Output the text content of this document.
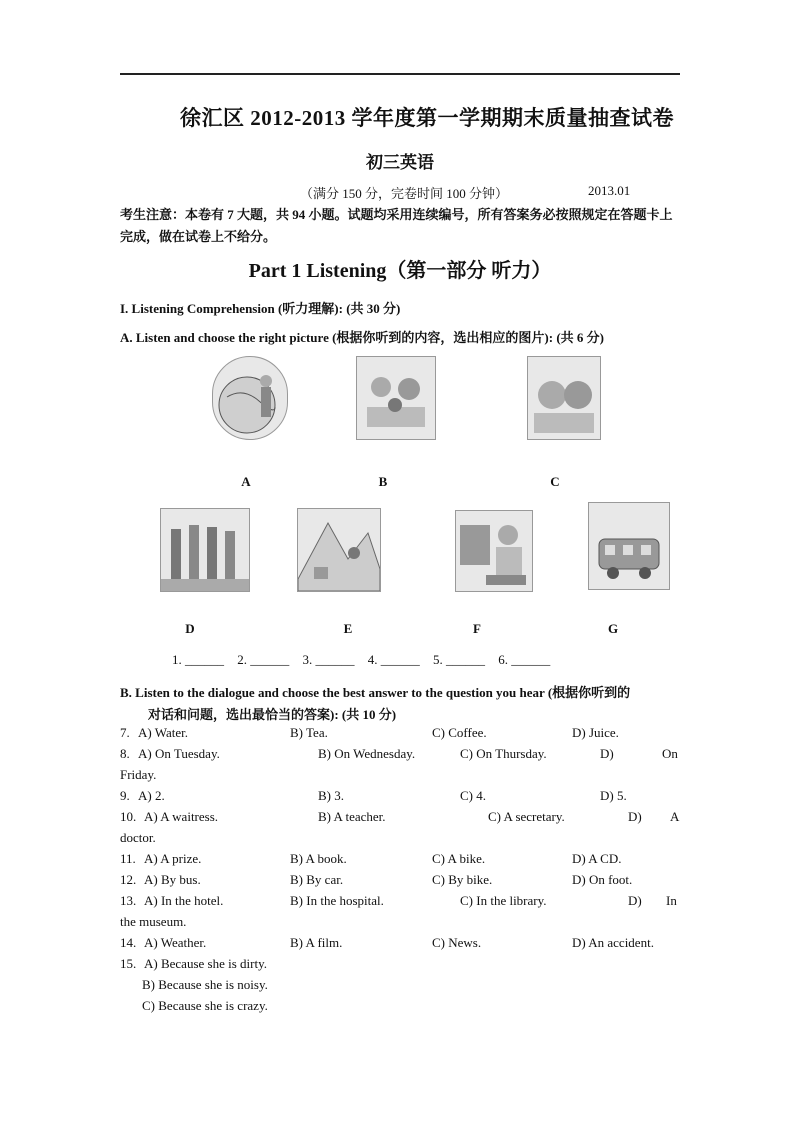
徐汇区 2012-2013 学年度第一学期期末质量抽查试卷
初三英语
（满分 150 分，完卷时间 100 分钟）	2013.01
考生注意：本卷有 7 大题，共 94 小题。试题均采用连续编号，所有答案务必按照规定在答题卡上完成，做在试卷上不给分。
Part 1 Listening（第一部分 听力）
I. Listening Comprehension (听力理解): (共 30 分)
A. Listen and choose the right picture (根据你听到的内容，选出相应的图片): (共 6 分)
A	B	C
D	E	F	G
1. ______ 2. ______ 3. ______ 4. ______ 5. ______ 6. ______
B. Listen to the dialogue and choose the best answer to the question you hear (根据你听到的
对话和问题，选出最恰当的答案): (共 10 分)
7. A) Water.	B) Tea.	C) Coffee.	D) Juice.
8. A) On Tuesday.	B) On Wednesday.	C) On Thursday.	D)	On
Friday.
9. A) 2.	B) 3.	C) 4.	D) 5.
10. A) A waitress.	B) A teacher.	C) A secretary.	D) A
doctor.
11. A) A prize.	B) A book.	C) A bike.	D) A CD.
12. A) By bus.	B) By car.	C) By bike.	D) On foot.
13. A) In the hotel.	B) In the hospital.	C) In the library.	D) In
the museum.
14. A) Weather.	B) A film.	C) News.	D) An accident.
15. A) Because she is dirty.
B) Because she is noisy.
C) Because she is crazy.
